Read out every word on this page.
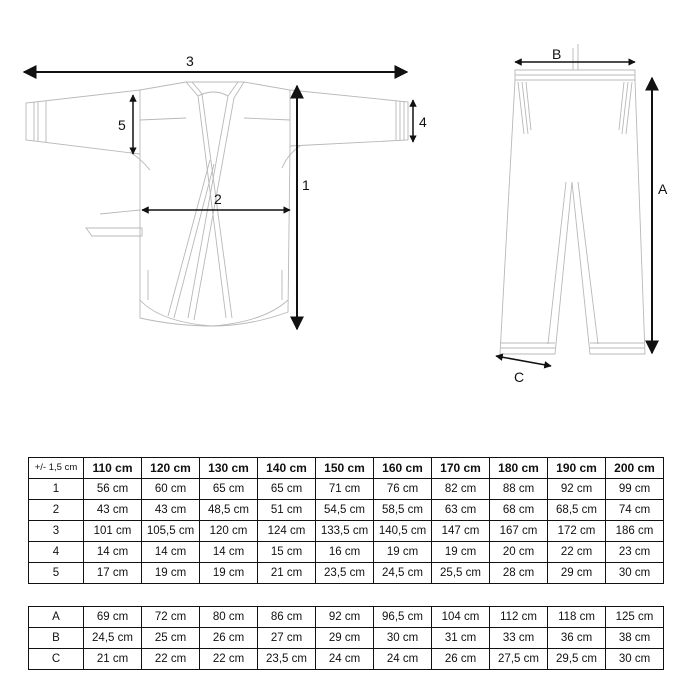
3
5
2
1
4
B
A
C
+/- 1,5 cm	110 cm	120 cm	130 cm	140 cm	150 cm	160 cm	170 cm	180 cm	190 cm	200 cm
1	56 cm	60 cm	65 cm	65 cm	71 cm	76 cm	82 cm	88 cm	92 cm	99 cm
2	43 cm	43 cm	48,5 cm	51 cm	54,5 cm	58,5 cm	63 cm	68 cm	68,5 cm	74 cm
3	101 cm	105,5 cm	120 cm	124 cm	133,5 cm	140,5 cm	147 cm	167 cm	172 cm	186 cm
4	14 cm	14 cm	14 cm	15 cm	16 cm	19 cm	19 cm	20 cm	22 cm	23 cm
5	17 cm	19 cm	19 cm	21 cm	23,5 cm	24,5 cm	25,5 cm	28 cm	29 cm	30 cm
A	69 cm	72 cm	80 cm	86 cm	92 cm	96,5 cm	104 cm	112 cm	118 cm	125 cm
B	24,5 cm	25 cm	26 cm	27 cm	29 cm	30 cm	31 cm	33 cm	36 cm	38 cm
C	21 cm	22 cm	22 cm	23,5 cm	24 cm	24 cm	26 cm	27,5 cm	29,5 cm	30 cm
